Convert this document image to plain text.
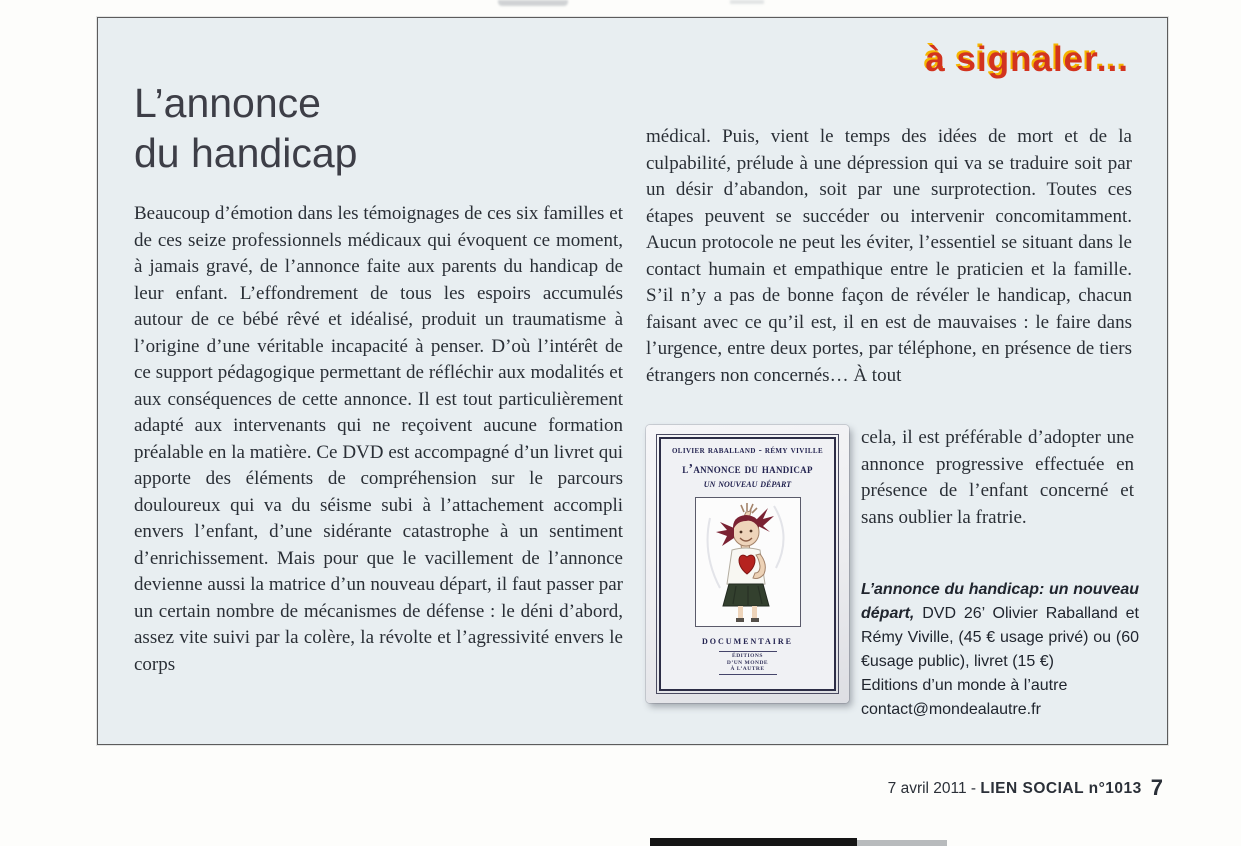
à signaler...
L’annonce
du handicap

Beaucoup d’émotion dans les témoignages de ces six familles et de ces seize professionnels médicaux qui évoquent ce moment, à jamais gravé, de l’annonce faite aux parents du handicap de leur enfant. L’effondrement de tous les espoirs accumulés autour de ce bébé rêvé et idéalisé, produit un traumatisme à l’origine d’une véritable incapacité à penser. D’où l’intérêt de ce support pédagogique permettant de réfléchir aux modalités et aux conséquences de cette annonce. Il est tout particulièrement adapté aux intervenants qui ne reçoivent aucune formation préalable en la matière. Ce DVD est accompagné d’un livret qui apporte des éléments de compréhension sur le parcours douloureux qui va du séisme subi à l’attachement accompli envers l’enfant, d’une sidérante catastrophe à un sentiment d’enrichissement. Mais pour que le vacillement de l’annonce devienne aussi la matrice d’un nouveau départ, il faut passer par un certain nombre de mécanismes de défense : le déni d’abord, assez vite suivi par la colère, la révolte et l’agressivité envers le corps

médical. Puis, vient le temps des idées de mort et de la culpabilité, prélude à une dépression qui va se traduire soit par un désir d’abandon, soit par une surprotection. Toutes ces étapes peuvent se succéder ou intervenir concomitamment. Aucun protocole ne peut les éviter, l’essentiel se situant dans le contact humain et empathique entre le praticien et la famille. S’il n’y a pas de bonne façon de révéler le handicap, chacun faisant avec ce qu’il est, il en est de mauvaises : le faire dans l’urgence, entre deux portes, par téléphone, en présence de tiers étrangers non concernés… À tout

cela, il est préférable d’adopter une annonce progressive effectuée en présence de l’enfant concerné et sans oublier la fratrie.

olivier raballand - rémy viville
l’annonce du handicap
un nouveau départ
documentaire
ÉDITIONS
D’UN MONDE
À L’AUTRE

L’annonce du handicap: un nouveau départ, DVD 26’ Olivier Raballand et Rémy Viville, (45 € usage privé) ou (60 €usage public), livret (15 €)

Editions d’un monde à l’autre
contact@mondealautre.fr
7 avril 2011 - LIEN SOCIAL n°1013 7
